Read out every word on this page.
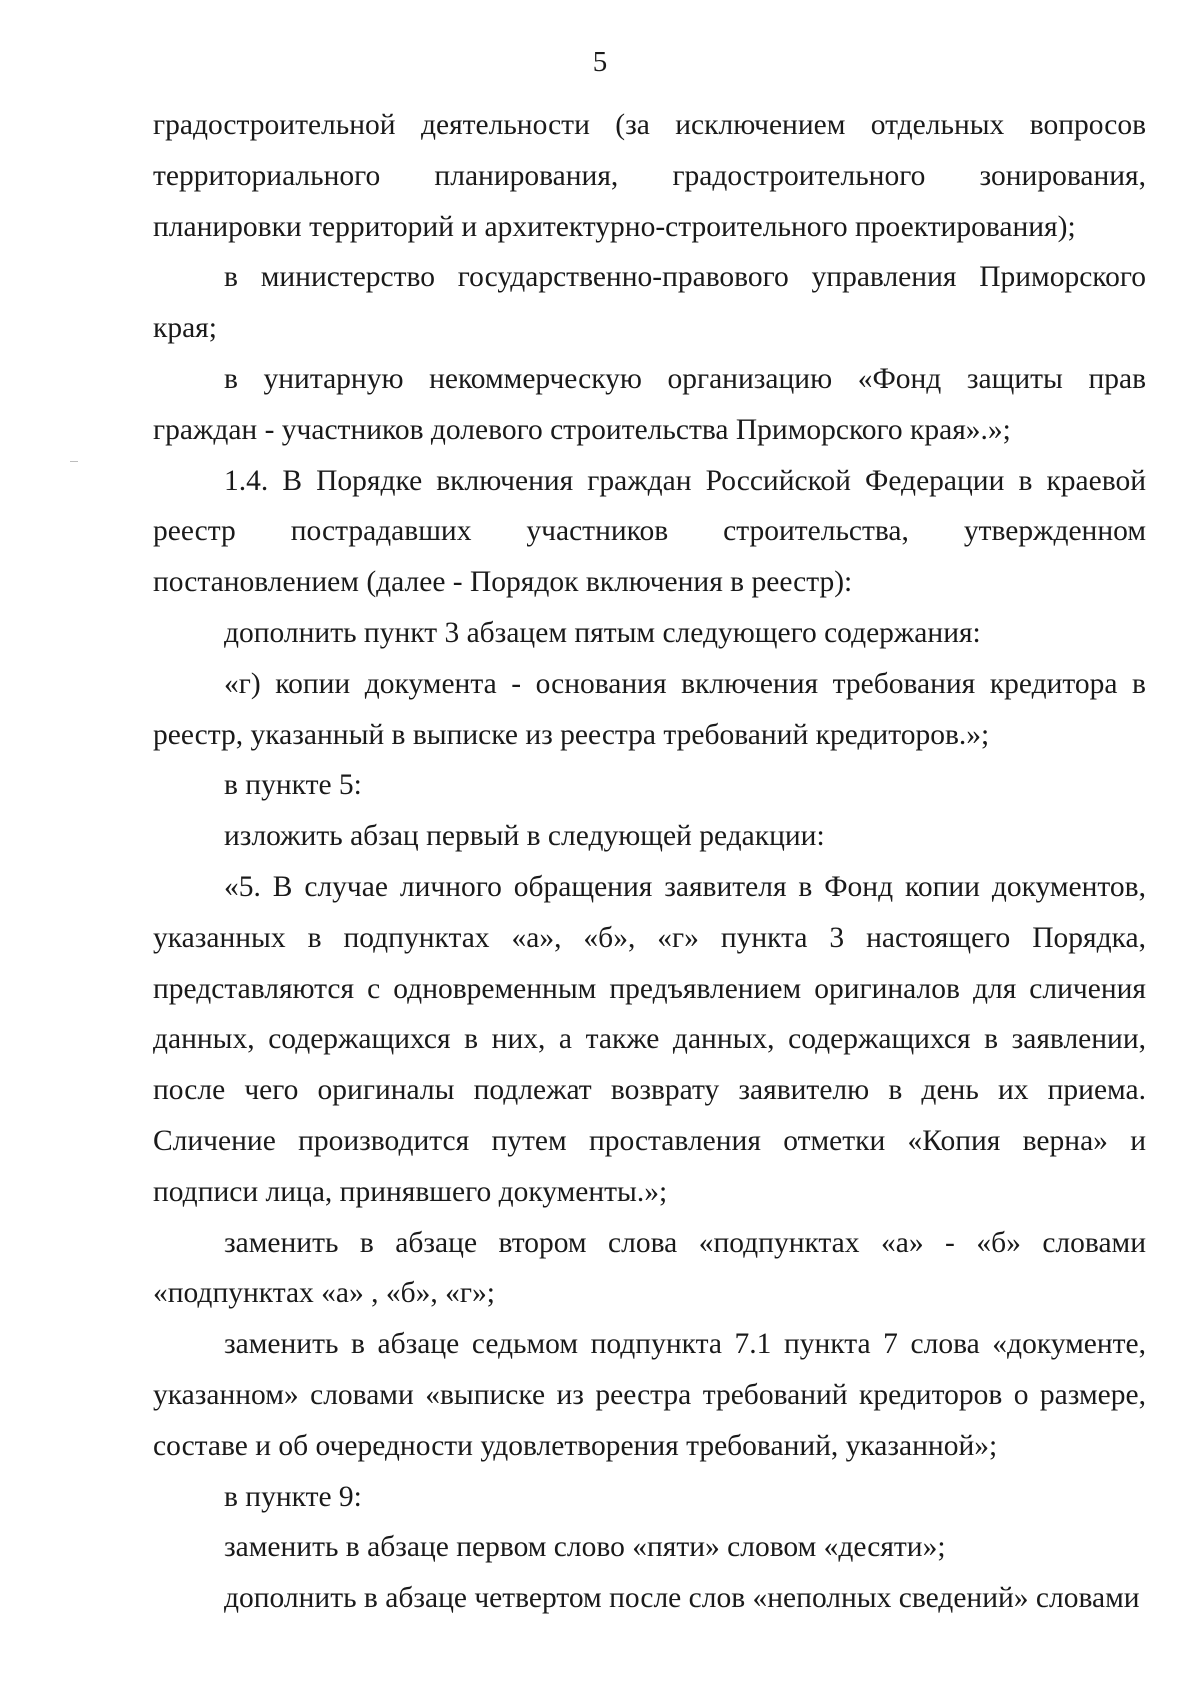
5

градостроительной деятельности (за исключением отдельных вопросов территориального планирования, градостроительного зонирования, планировки территорий и архитектурно-строительного проектирования);

в министерство государственно-правового управления Приморского края;

в унитарную некоммерческую организацию «Фонд защиты прав граждан - участников долевого строительства Приморского края».»;

1.4. В Порядке включения граждан Российской Федерации в краевой реестр пострадавших участников строительства, утвержденном постановлением (далее - Порядок включения в реестр):

дополнить пункт 3 абзацем пятым следующего содержания:

«г) копии документа - основания включения требования кредитора в реестр, указанный в выписке из реестра требований кредиторов.»;

в пункте 5:

изложить абзац первый в следующей редакции:

«5. В случае личного обращения заявителя в Фонд копии документов, указанных в подпунктах «а», «б», «г» пункта 3 настоящего Порядка, представляются с одновременным предъявлением оригиналов для сличения данных, содержащихся в них, а также данных, содержащихся в заявлении, после чего оригиналы подлежат возврату заявителю в день их приема. Сличение производится путем проставления отметки «Копия верна» и подписи лица, принявшего документы.»;

заменить в абзаце втором слова «подпунктах «а» - «б» словами «подпунктах «а» , «б», «г»;

заменить в абзаце седьмом подпункта 7.1 пункта 7 слова «документе, указанном» словами «выписке из реестра требований кредиторов о размере, составе и об очередности удовлетворения требований, указанной»;

в пункте 9:

заменить в абзаце первом слово «пяти» словом «десяти»;

дополнить в абзаце четвертом после слов «неполных сведений» словами
